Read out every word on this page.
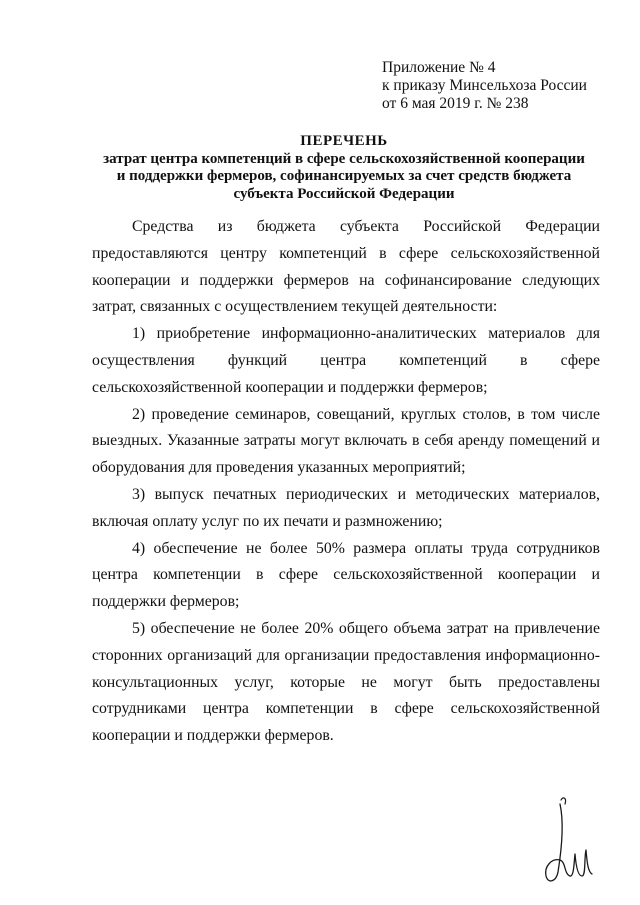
Приложение № 4
к приказу Минсельхоза России
от 6 мая 2019 г. № 238
ПЕРЕЧЕНЬ
затрат центра компетенций в сфере сельскохозяйственной кооперации
и поддержки фермеров, софинансируемых за счет средств бюджета
субъекта Российской Федерации

Средства из бюджета субъекта Российской Федерации предоставляются центру компетенций в сфере сельскохозяйственной кооперации и поддержки фермеров на софинансирование следующих затрат, связанных с осуществлением текущей деятельности:

1) приобретение информационно-аналитических материалов для осуществления функций центра компетенций в сфере сельскохозяйственной кооперации и поддержки фермеров;

2) проведение семинаров, совещаний, круглых столов, в том числе выездных. Указанные затраты могут включать в себя аренду помещений и оборудования для проведения указанных мероприятий;

3) выпуск печатных периодических и методических материалов, включая оплату услуг по их печати и размножению;

4) обеспечение не более 50% размера оплаты труда сотрудников центра компетенции в сфере сельскохозяйственной кооперации и поддержки фермеров;

5) обеспечение не более 20% общего объема затрат на привлечение сторонних организаций для организации предоставления информационно-консультационных услуг, которые не могут быть предоставлены сотрудниками центра компетенции в сфере сельскохозяйственной кооперации и поддержки фермеров.
